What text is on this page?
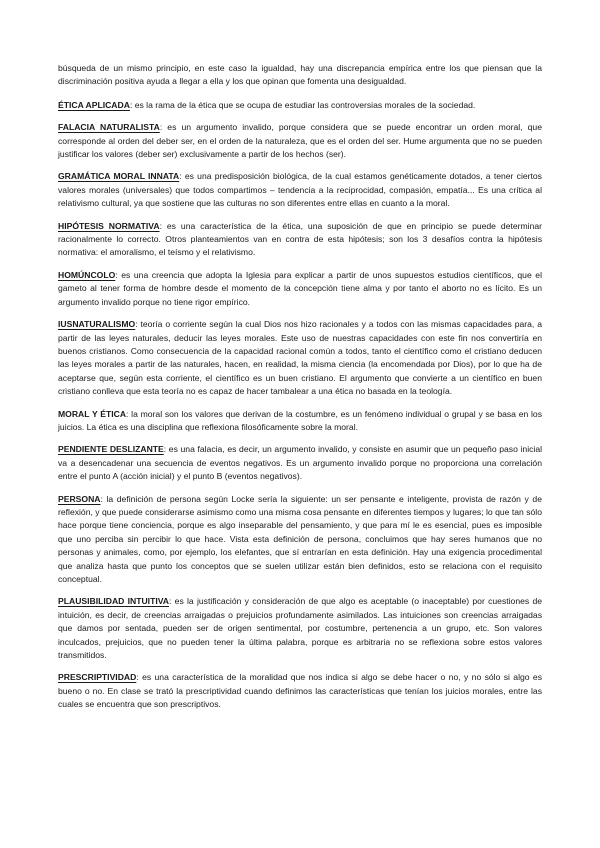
búsqueda de un mismo principio, en este caso la igualdad, hay una discrepancia empírica entre los que piensan que la discriminación positiva ayuda a llegar a ella y los que opinan que fomenta una desigualdad.

ÉTICA APLICADA: es la rama de la ética que se ocupa de estudiar las controversias morales de la sociedad.

FALACIA NATURALISTA: es un argumento invalido, porque considera que se puede encontrar un orden moral, que corresponde al orden del deber ser, en el orden de la naturaleza, que es el orden del ser. Hume argumenta que no se pueden justificar los valores (deber ser) exclusivamente a partir de los hechos (ser).

GRAMÁTICA MORAL INNATA: es una predisposición biológica, de la cual estamos genéticamente dotados, a tener ciertos valores morales (universales) que todos compartimos – tendencia a la reciprocidad, compasión, empatía... Es una crítica al relativismo cultural, ya que sostiene que las culturas no son diferentes entre ellas en cuanto a la moral.

HIPÓTESIS NORMATIVA: es una característica de la ética, una suposición de que en principio se puede determinar racionalmente lo correcto. Otros planteamientos van en contra de esta hipótesis; son los 3 desafíos contra la hipótesis normativa: el amoralismo, el teísmo y el relativismo.

HOMÚNCOLO: es una creencia que adopta la Iglesia para explicar a partir de unos supuestos estudios científicos, que el gameto al tener forma de hombre desde el momento de la concepción tiene alma y por tanto el aborto no es lícito. Es un argumento invalido porque no tiene rigor empírico.

IUSNATURALISMO: teoría o corriente según la cual Dios nos hizo racionales y a todos con las mismas capacidades para, a partir de las leyes naturales, deducir las leyes morales. Este uso de nuestras capacidades con este fin nos convertiría en buenos cristianos. Como consecuencia de la capacidad racional común a todos, tanto el científico como el cristiano deducen las leyes morales a partir de las naturales, hacen, en realidad, la misma ciencia (la encomendada por Dios), por lo que ha de aceptarse que, según esta corriente, el científico es un buen cristiano. El argumento que convierte a un científico en buen cristiano conlleva que esta teoría no es capaz de hacer tambalear a una ética no basada en la teología.

MORAL Y ÉTICA: la moral son los valores que derivan de la costumbre, es un fenómeno individual o grupal y se basa en los juicios. La ética es una disciplina que reflexiona filosóficamente sobre la moral.

PENDIENTE DESLIZANTE: es una falacia, es decir, un argumento invalido, y consiste en asumir que un pequeño paso inicial va a desencadenar una secuencia de eventos negativos. Es un argumento invalido porque no proporciona una correlación entre el punto A (acción inicial) y el punto B (eventos negativos).

PERSONA: la definición de persona según Locke sería la siguiente: un ser pensante e inteligente, provista de razón y de reflexión, y que puede considerarse asimismo como una misma cosa pensante en diferentes tiempos y lugares; lo que tan sólo hace porque tiene conciencia, porque es algo inseparable del pensamiento, y que para mí le es esencial, pues es imposible que uno perciba sin percibir lo que hace. Vista esta definición de persona, concluimos que hay seres humanos que no personas y animales, como, por ejemplo, los elefantes, que sí entrarían en esta definición. Hay una exigencia procedimental que analiza hasta que punto los conceptos que se suelen utilizar están bien definidos, esto se relaciona con el requisito conceptual.

PLAUSIBILIDAD INTUITIVA: es la justificación y consideración de que algo es aceptable (o inaceptable) por cuestiones de intuición, es decir, de creencias arraigadas o prejuicios profundamente asimilados. Las intuiciones son creencias arraigadas que damos por sentada, pueden ser de origen sentimental, por costumbre, pertenencia a un grupo, etc. Son valores inculcados, prejuicios, que no pueden tener la última palabra, porque es arbitraria no se reflexiona sobre estos valores transmitidos.

PRESCRIPTIVIDAD: es una característica de la moralidad que nos indica si algo se debe hacer o no, y no sólo si algo es bueno o no. En clase se trató la prescriptividad cuando definimos las características que tenían los juicios morales, entre las cuales se encuentra que son prescriptivos.
